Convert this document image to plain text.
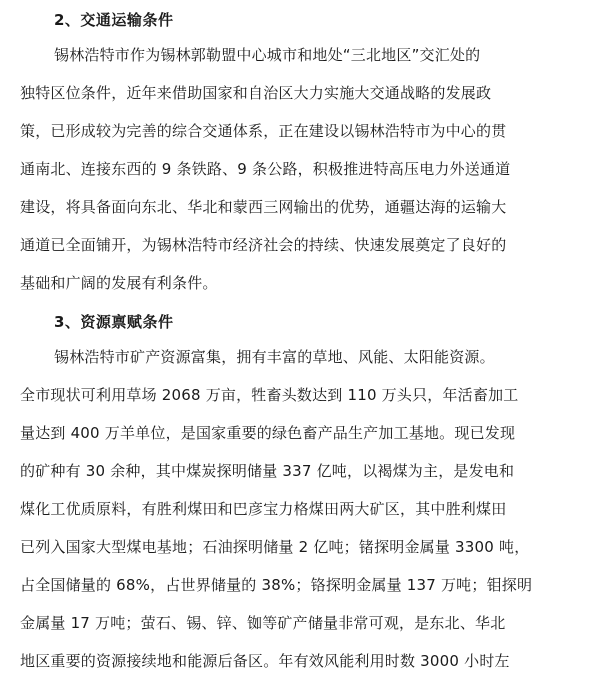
2、交通运输条件
锡林浩特市作为锡林郭勒盟中心城市和地处“三北地区”交汇处的
独特区位条件，近年来借助国家和自治区大力实施大交通战略的发展政
策，已形成较为完善的综合交通体系，正在建设以锡林浩特市为中心的贯
通南北、连接东西的 9 条铁路、9 条公路，积极推进特高压电力外送通道
建设，将具备面向东北、华北和蒙西三网输出的优势，通疆达海的运输大
通道已全面铺开，为锡林浩特市经济社会的持续、快速发展奠定了良好的
基础和广阔的发展有利条件。
3、资源禀赋条件
锡林浩特市矿产资源富集，拥有丰富的草地、风能、太阳能资源。
全市现状可利用草场 2068 万亩，牲畜头数达到 110 万头只，年活畜加工
量达到 400 万羊单位，是国家重要的绿色畜产品生产加工基地。现已发现
的矿种有 30 余种，其中煤炭探明储量 337 亿吨，以褐煤为主，是发电和
煤化工优质原料，有胜利煤田和巴彦宝力格煤田两大矿区，其中胜利煤田
已列入国家大型煤电基地；石油探明储量 2 亿吨；锗探明金属量 3300 吨，
占全国储量的 68%，占世界储量的 38%；铬探明金属量 137 万吨；钼探明
金属量 17 万吨；萤石、锡、锌、铷等矿产储量非常可观，是东北、华北
地区重要的资源接续地和能源后备区。年有效风能利用时数 3000 小时左
